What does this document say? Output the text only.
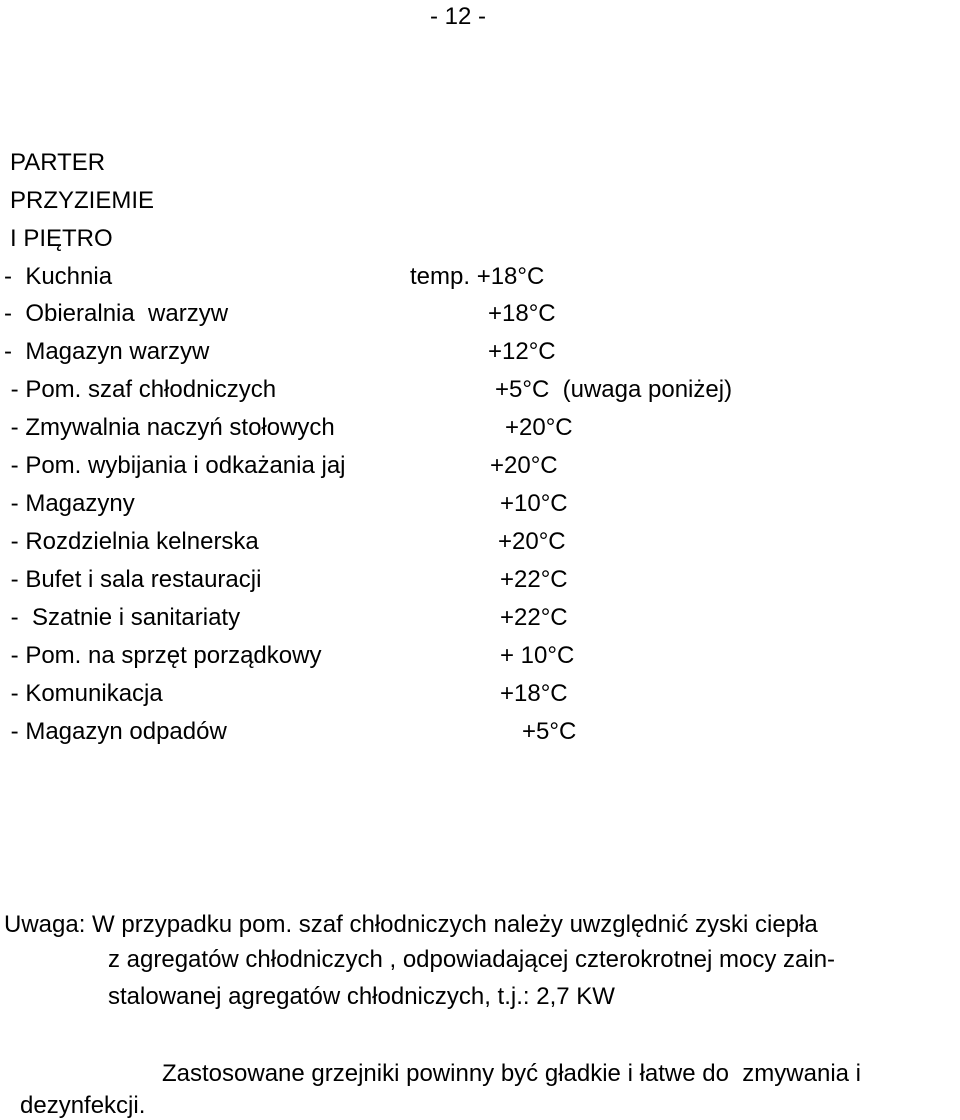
- 12 -
PARTER
PRZYZIEMIE
I PIĘTRO
-  Kuchnia	temp. +18°C
-  Obieralnia  warzyw	+18°C
-  Magazyn warzyw	+12°C
- Pom. szaf chłodniczych	+5°C  (uwaga poniżej)
- Zmywalnia naczyń stołowych	+20°C
- Pom. wybijania i odkażania jaj	+20°C
- Magazyny	+10°C
- Rozdzielnia kelnerska	+20°C
- Bufet i sala restauracji	+22°C
-  Szatnie i sanitariaty	+22°C
- Pom. na sprzęt porządkowy	+ 10°C
- Komunikacja	+18°C
- Magazyn odpadów	+5°C
Uwaga: W przypadku pom. szaf chłodniczych należy uwzględnić zyski ciepła
z agregatów chłodniczych , odpowiadającej czterokrotnej mocy zain-
stalowanej agregatów chłodniczych, t.j.: 2,7 KW
Zastosowane grzejniki powinny być gładkie i łatwe do  zmywania i
dezynfekcji.
